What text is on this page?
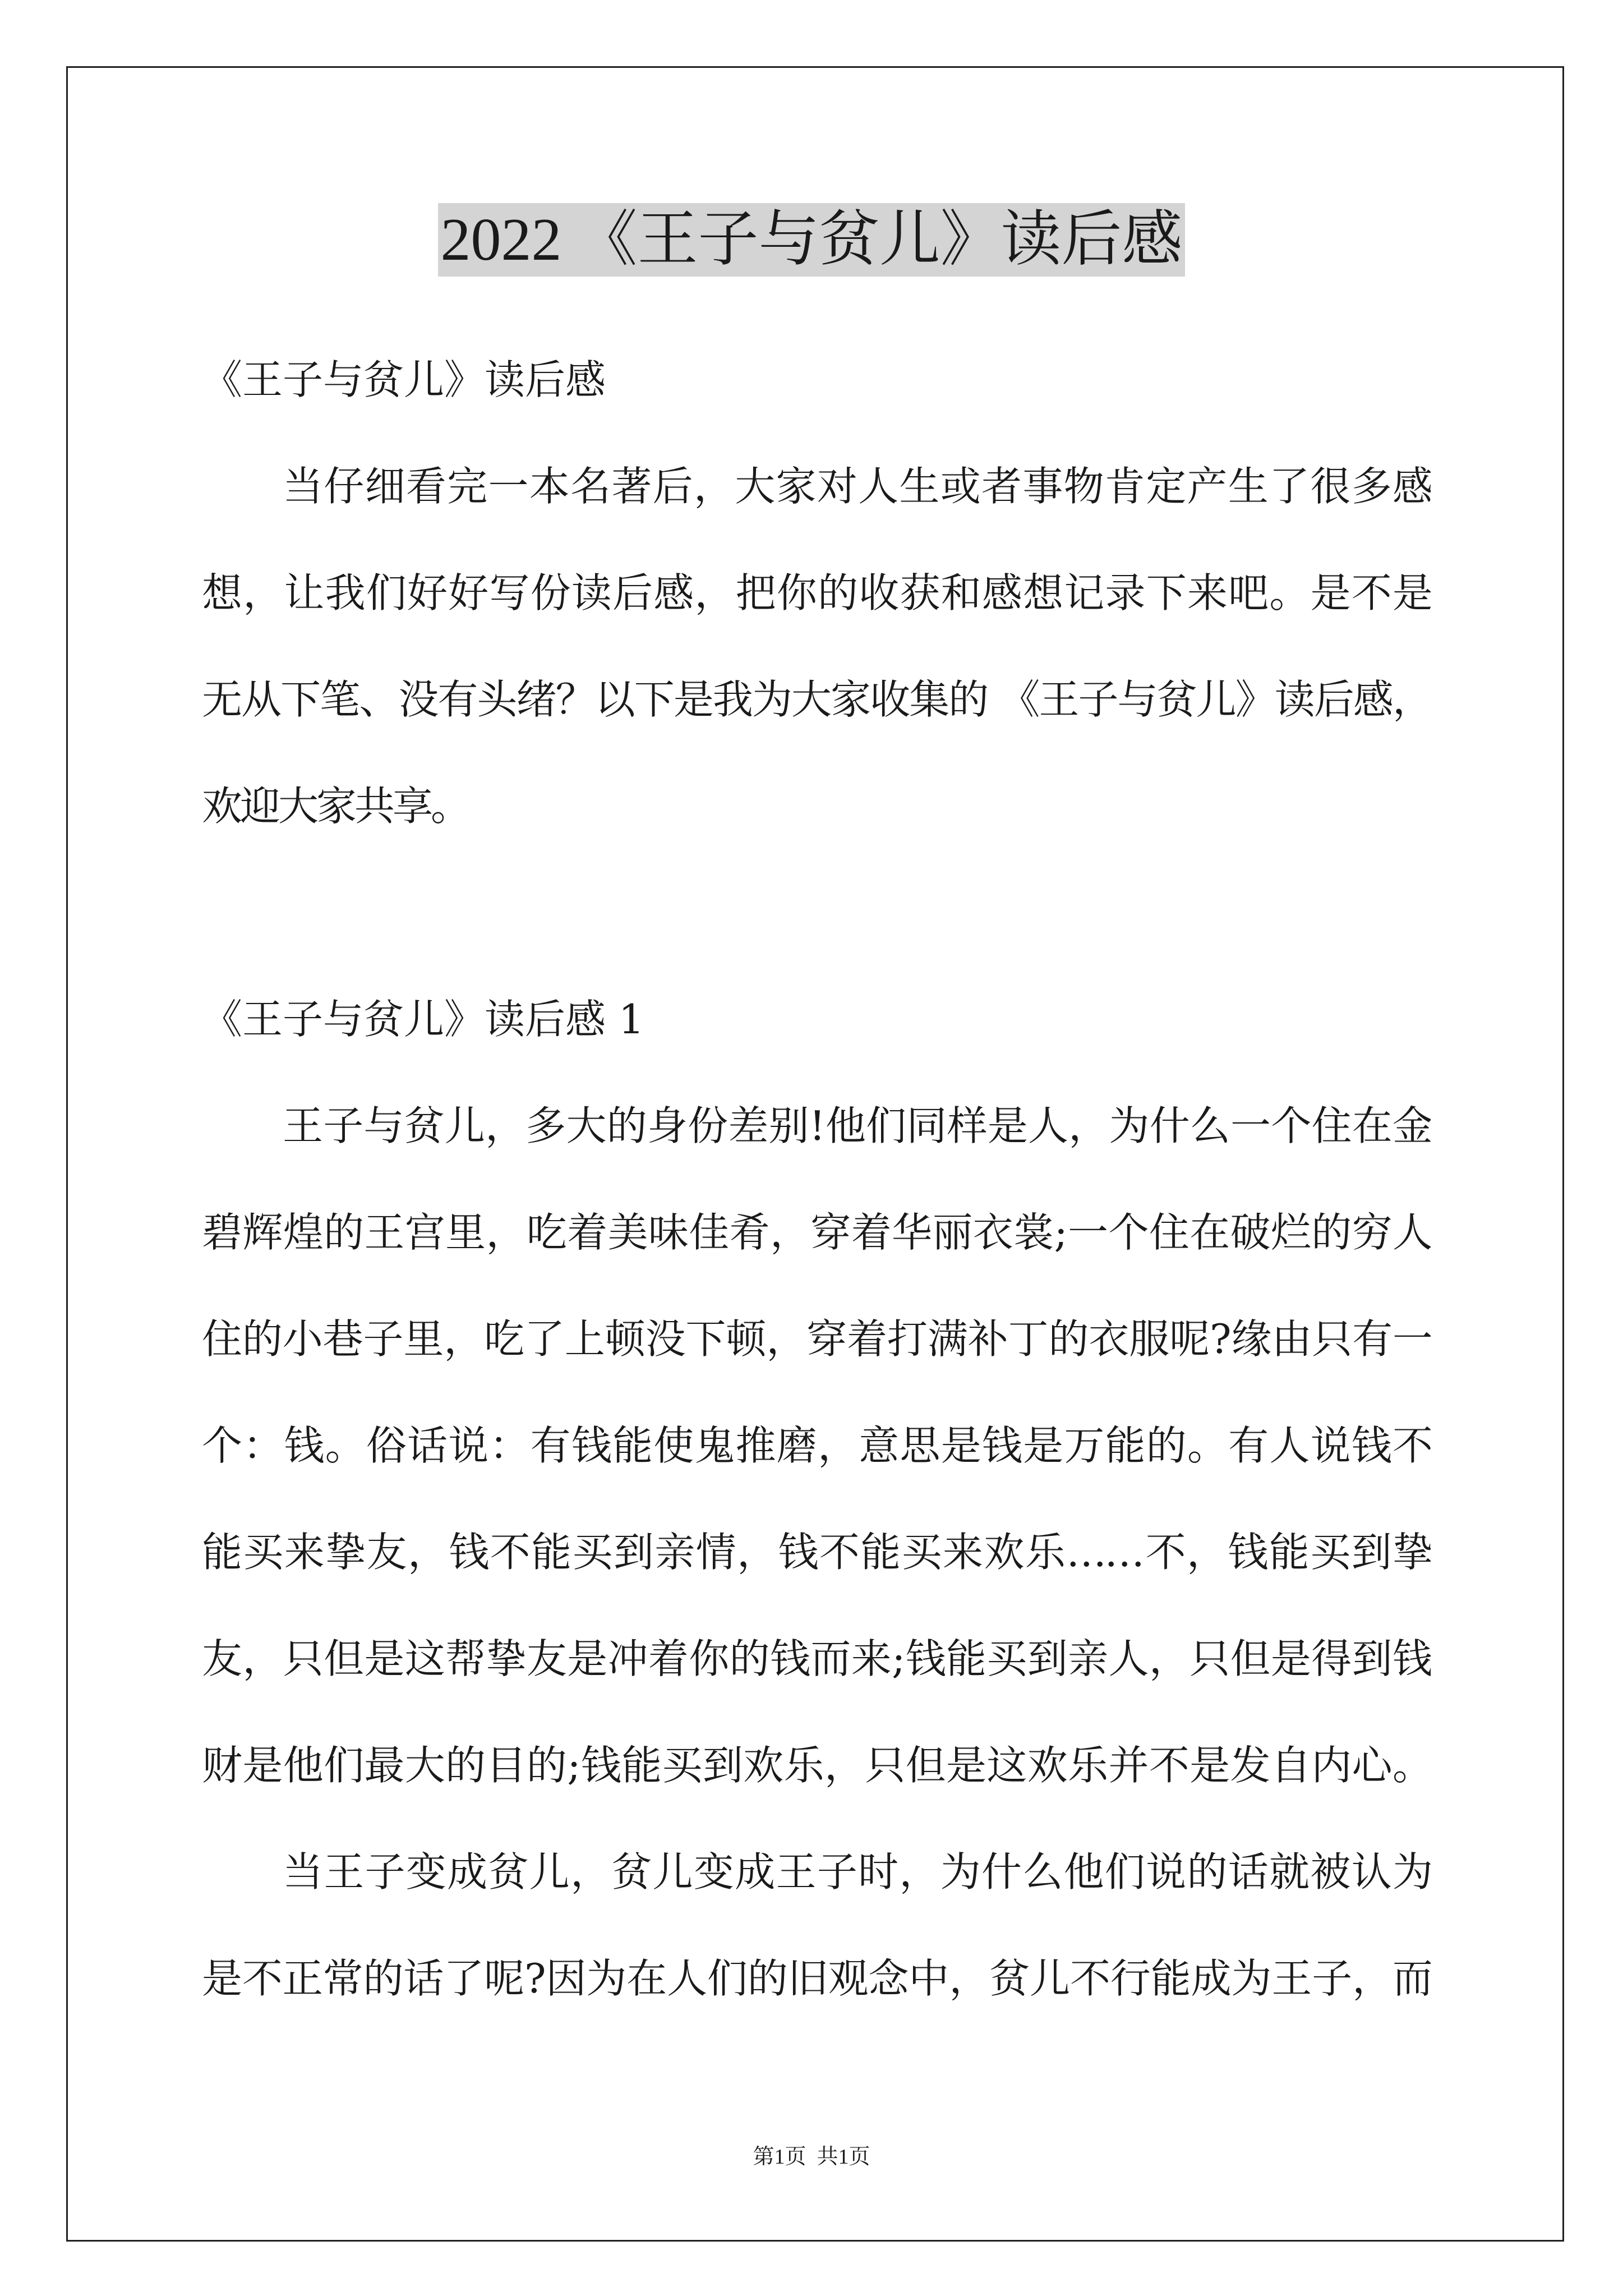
2022 《王子与贫儿》读后感
《王子与贫儿》读后感
当仔细看完一本名著后，大家对人生或者事物肯定产生了很多感
想，让我们好好写份读后感，把你的收获和感想记录下来吧。是不是
无从下笔、没有头绪？以下是我为大家收集的 《王子与贫儿》读后感，
欢迎大家共享。
《王子与贫儿》读后感 1
王子与贫儿，多大的身份差别!他们同样是人，为什么一个住在金
碧辉煌的王宫里，吃着美味佳肴，穿着华丽衣裳;一个住在破烂的穷人
住的小巷子里，吃了上顿没下顿，穿着打满补丁的衣服呢?缘由只有一
个：钱。俗话说：有钱能使鬼推磨，意思是钱是万能的。有人说钱不
能买来挚友，钱不能买到亲情，钱不能买来欢乐……不，钱能买到挚
友，只但是这帮挚友是冲着你的钱而来;钱能买到亲人，只但是得到钱
财是他们最大的目的;钱能买到欢乐，只但是这欢乐并不是发自内心。
当王子变成贫儿，贫儿变成王子时，为什么他们说的话就被认为
是不正常的话了呢?因为在人们的旧观念中，贫儿不行能成为王子，而
第1页  共1页
